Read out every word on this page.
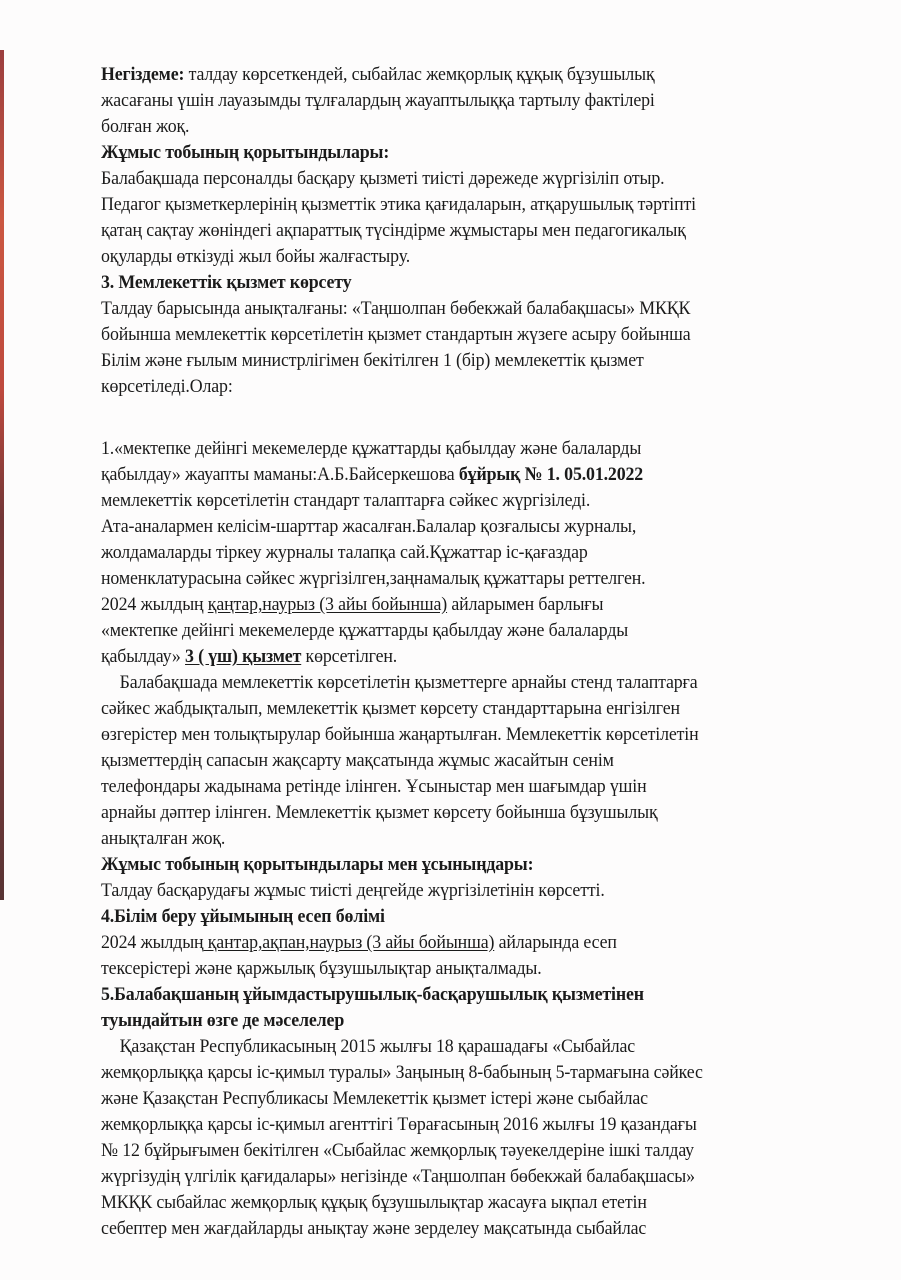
Негіздеме: талдау көрсеткендей, сыбайлас жемқорлық құқық бұзушылық
жасағаны үшін лауазымды тұлғалардың жауаптылыққа тартылу фактілері
болған жоқ.
Жұмыс тобының қорытындылары:
Балабақшада персоналды басқару қызметі тиісті дәрежеде жүргізіліп отыр.
Педагог қызметкерлерінің қызметтік этика қағидаларын, атқарушылық тәртіпті
қатаң сақтау жөніндегі ақпараттық түсіндірме жұмыстары мен педагогикалық
оқуларды өткізуді жыл бойы жалғастыру.
3. Мемлекеттік қызмет көрсету
Талдау барысында анықталғаны: «Таңшолпан бөбекжай балабақшасы» МКҚК
бойынша мемлекеттік көрсетілетін қызмет стандартын жүзеге асыру бойынша
Білім және ғылым министрлігімен бекітілген 1 (бір) мемлекеттік қызмет
көрсетіледі.Олар:
1.«мектепке дейінгі мекемелерде құжаттарды қабылдау және балаларды
қабылдау» жауапты маманы:А.Б.Байсеркешова бұйрық № 1. 05.01.2022
мемлекеттік көрсетілетін стандарт талаптарға сәйкес жүргізіледі.
Ата-аналармен келісім-шарттар жасалған.Балалар қозғалысы журналы,
жолдамаларды тіркеу журналы талапқа сай.Құжаттар іс-қағаздар
номенклатурасына сәйкес жүргізілген,заңнамалық құжаттары реттелген.
2024 жылдың қаңтар,наурыз (3 айы бойынша) айларымен барлығы
«мектепке дейінгі мекемелерде құжаттарды қабылдау және балаларды
қабылдау» 3 ( үш) қызмет көрсетілген.
Балабақшада мемлекеттік көрсетілетін қызметтерге арнайы стенд талаптарға
сәйкес жабдықталып, мемлекеттік қызмет көрсету стандарттарына енгізілген
өзгерістер мен толықтырулар бойынша жаңартылған. Мемлекеттік көрсетілетін
қызметтердің сапасын жақсарту мақсатында жұмыс жасайтын сенім
телефондары жадынама ретінде ілінген. Ұсыныстар мен шағымдар үшін
арнайы дәптер ілінген. Мемлекеттік қызмет көрсету бойынша бұзушылық
анықталған жоқ.
Жұмыс тобының қорытындылары мен ұсыныңдары:
Талдау басқарудағы жұмыс тиісті деңгейде жүргізілетінін көрсетті.
4.Білім беру ұйымының есеп бөлімі
2024 жылдың қантар,ақпан,наурыз (3 айы бойынша) айларында есеп
тексерістері және қаржылық бұзушылықтар анықталмады.
5.Балабақшаның ұйымдастырушылық-басқарушылық қызметінен
туындайтын өзге де мәселелер
Қазақстан Республикасының 2015 жылғы 18 қарашадағы «Сыбайлас
жемқорлыққа қарсы іс-қимыл туралы» Заңының 8-бабының 5-тармағына сәйкес
және Қазақстан Республикасы Мемлекеттік қызмет істері және сыбайлас
жемқорлыққа қарсы іс-қимыл агенттігі Төрағасының 2016 жылғы 19 қазандағы
№ 12 бұйрығымен бекітілген «Сыбайлас жемқорлық тәуекелдеріне ішкі талдау
жүргізудің үлгілік қағидалары» негізінде «Таңшолпан бөбекжай балабақшасы»
МКҚК сыбайлас жемқорлық құқық бұзушылықтар жасауға ықпал ететін
себептер мен жағдайларды анықтау және зерделеу мақсатында сыбайлас
